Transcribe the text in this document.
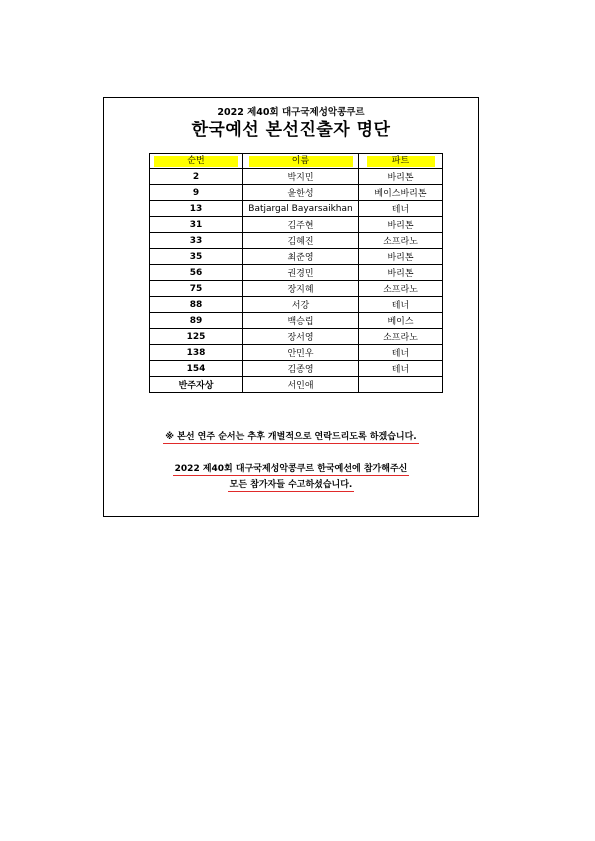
2022 제40회 대구국제성악콩쿠르
한국예선 본선진출자 명단
순번	이름	파트
2	박지민	바리톤
9	윤한성	베이스바리톤
13	Batjargal Bayarsaikhan	테너
31	김주현	바리톤
33	김혜진	소프라노
35	최준영	바리톤
56	권경민	바리톤
75	장지혜	소프라노
88	서강	테너
89	백승립	베이스
125	장서영	소프라노
138	안민우	테너
154	김종영	테너
반주자상	서인애	
※ 본선 연주 순서는 추후 개별적으로 연락드리도록 하겠습니다.
2022 제40회 대구국제성악콩쿠르 한국예선에 참가해주신
모든 참가자들 수고하셨습니다.
